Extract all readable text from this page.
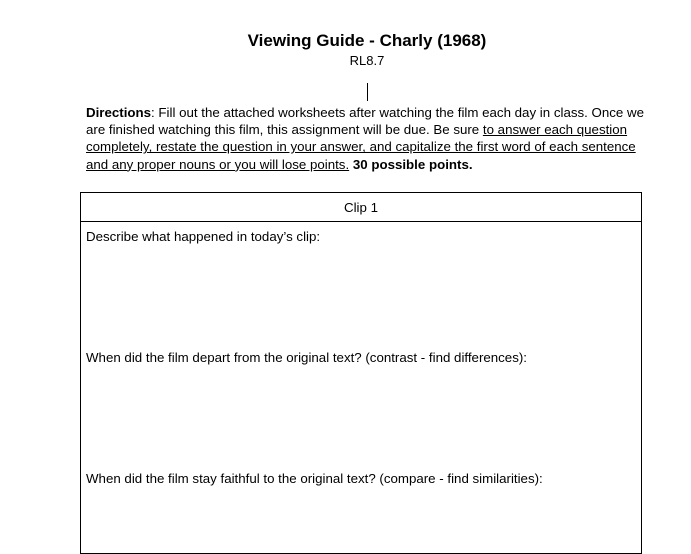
Viewing Guide - Charly (1968)
RL8.7
Directions: Fill out the attached worksheets after watching the film each day in class. Once we are finished watching this film, this assignment will be due. Be sure to answer each question completely, restate the question in your answer, and capitalize the first word of each sentence and any proper nouns or you will lose points. 30 possible points.
Clip 1
Describe what happened in today’s clip:
When did the film depart from the original text? (contrast - find differences):
When did the film stay faithful to the original text? (compare - find similarities):
